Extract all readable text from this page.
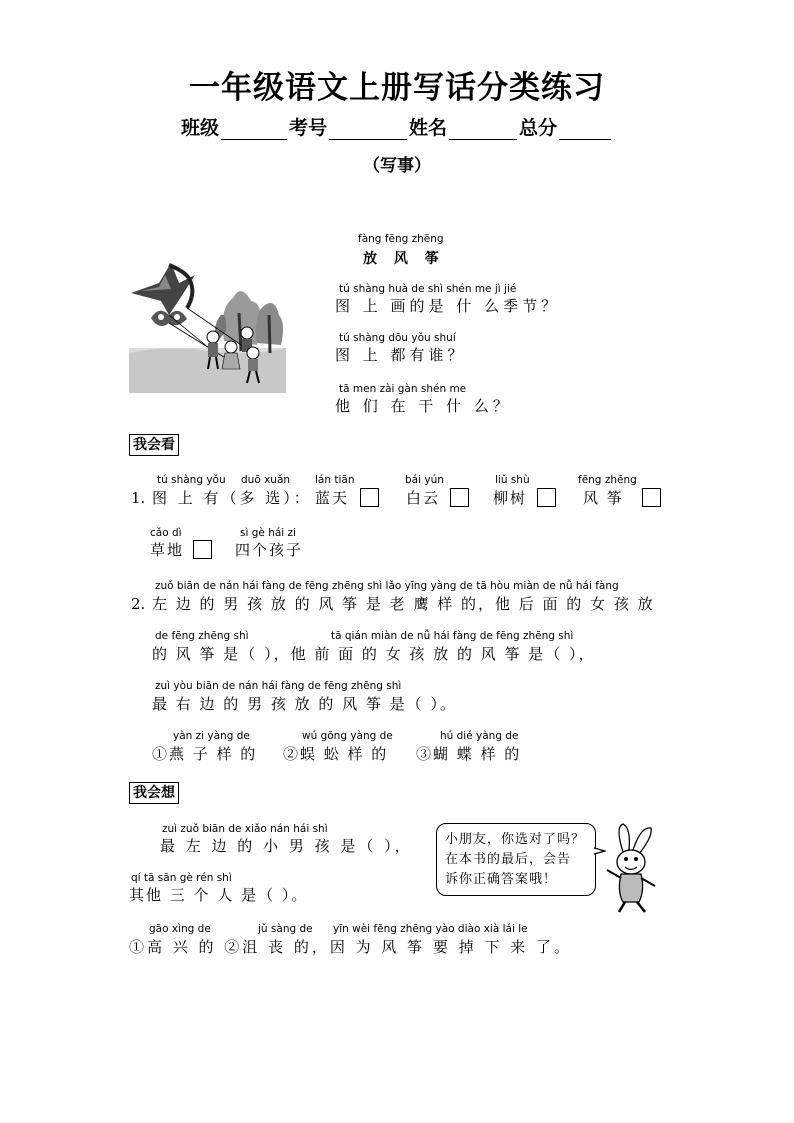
一年级语文上册写话分类练习
班级	考号	姓名	总分
（写事）
fàng fēng zhēng
放 风 筝
tú shàng huà de shì shén me jì jié
图 上 画的是 什 么季节？
tú shàng dōu yǒu shuí
图 上 都有谁？
tā men zài gàn shén me
他 们 在 干 什 么？
我会看
tú shàng yǒu duō xuǎn lán tiān	bái yún	liǔ shù	fēng zhēng
1. 图 上 有（多 选）： 蓝天	白云	柳树	风 筝
cǎo dì	sì gè hái zi
草地	四个孩子
zuǒ biān de nán hái fàng de fēng zhēng shì lǎo yīng yàng de tā hòu miàn de nǚ hái fàng
2. 左 边 的 男 孩 放 的 风 筝 是 老 鹰 样 的，他 后 面 的 女 孩 放
de fēng zhēng shì	tā qián miàn de nǚ hái fàng de fēng zhēng shì
的 风 筝 是（ ），他 前 面 的 女 孩 放 的 风 筝 是（ ），
zuì yòu biān de nán hái fàng de fēng zhēng shì
最 右 边 的 男 孩 放 的 风 筝 是（ ）。
yàn zi yàng de	wú gōng yàng de	hú dié yàng de
①燕 子 样 的 ②蜈 蚣 样 的 ③蝴 蝶 样 的
我会想
zuì zuǒ biān de xiǎo nán hái shì
最 左 边 的 小 男 孩 是（ ），
qí tā sān gè rén shì
其他 三 个 人 是（ ）。
gāo xìng de	jǔ sàng de yīn wèi fēng zhēng yào diào xià lái le
①高 兴 的 ②沮 丧 的，因 为 风 筝 要 掉 下 来 了。
小朋友，你选对了吗？
在本书的最后，会告
诉你正确答案哦！
